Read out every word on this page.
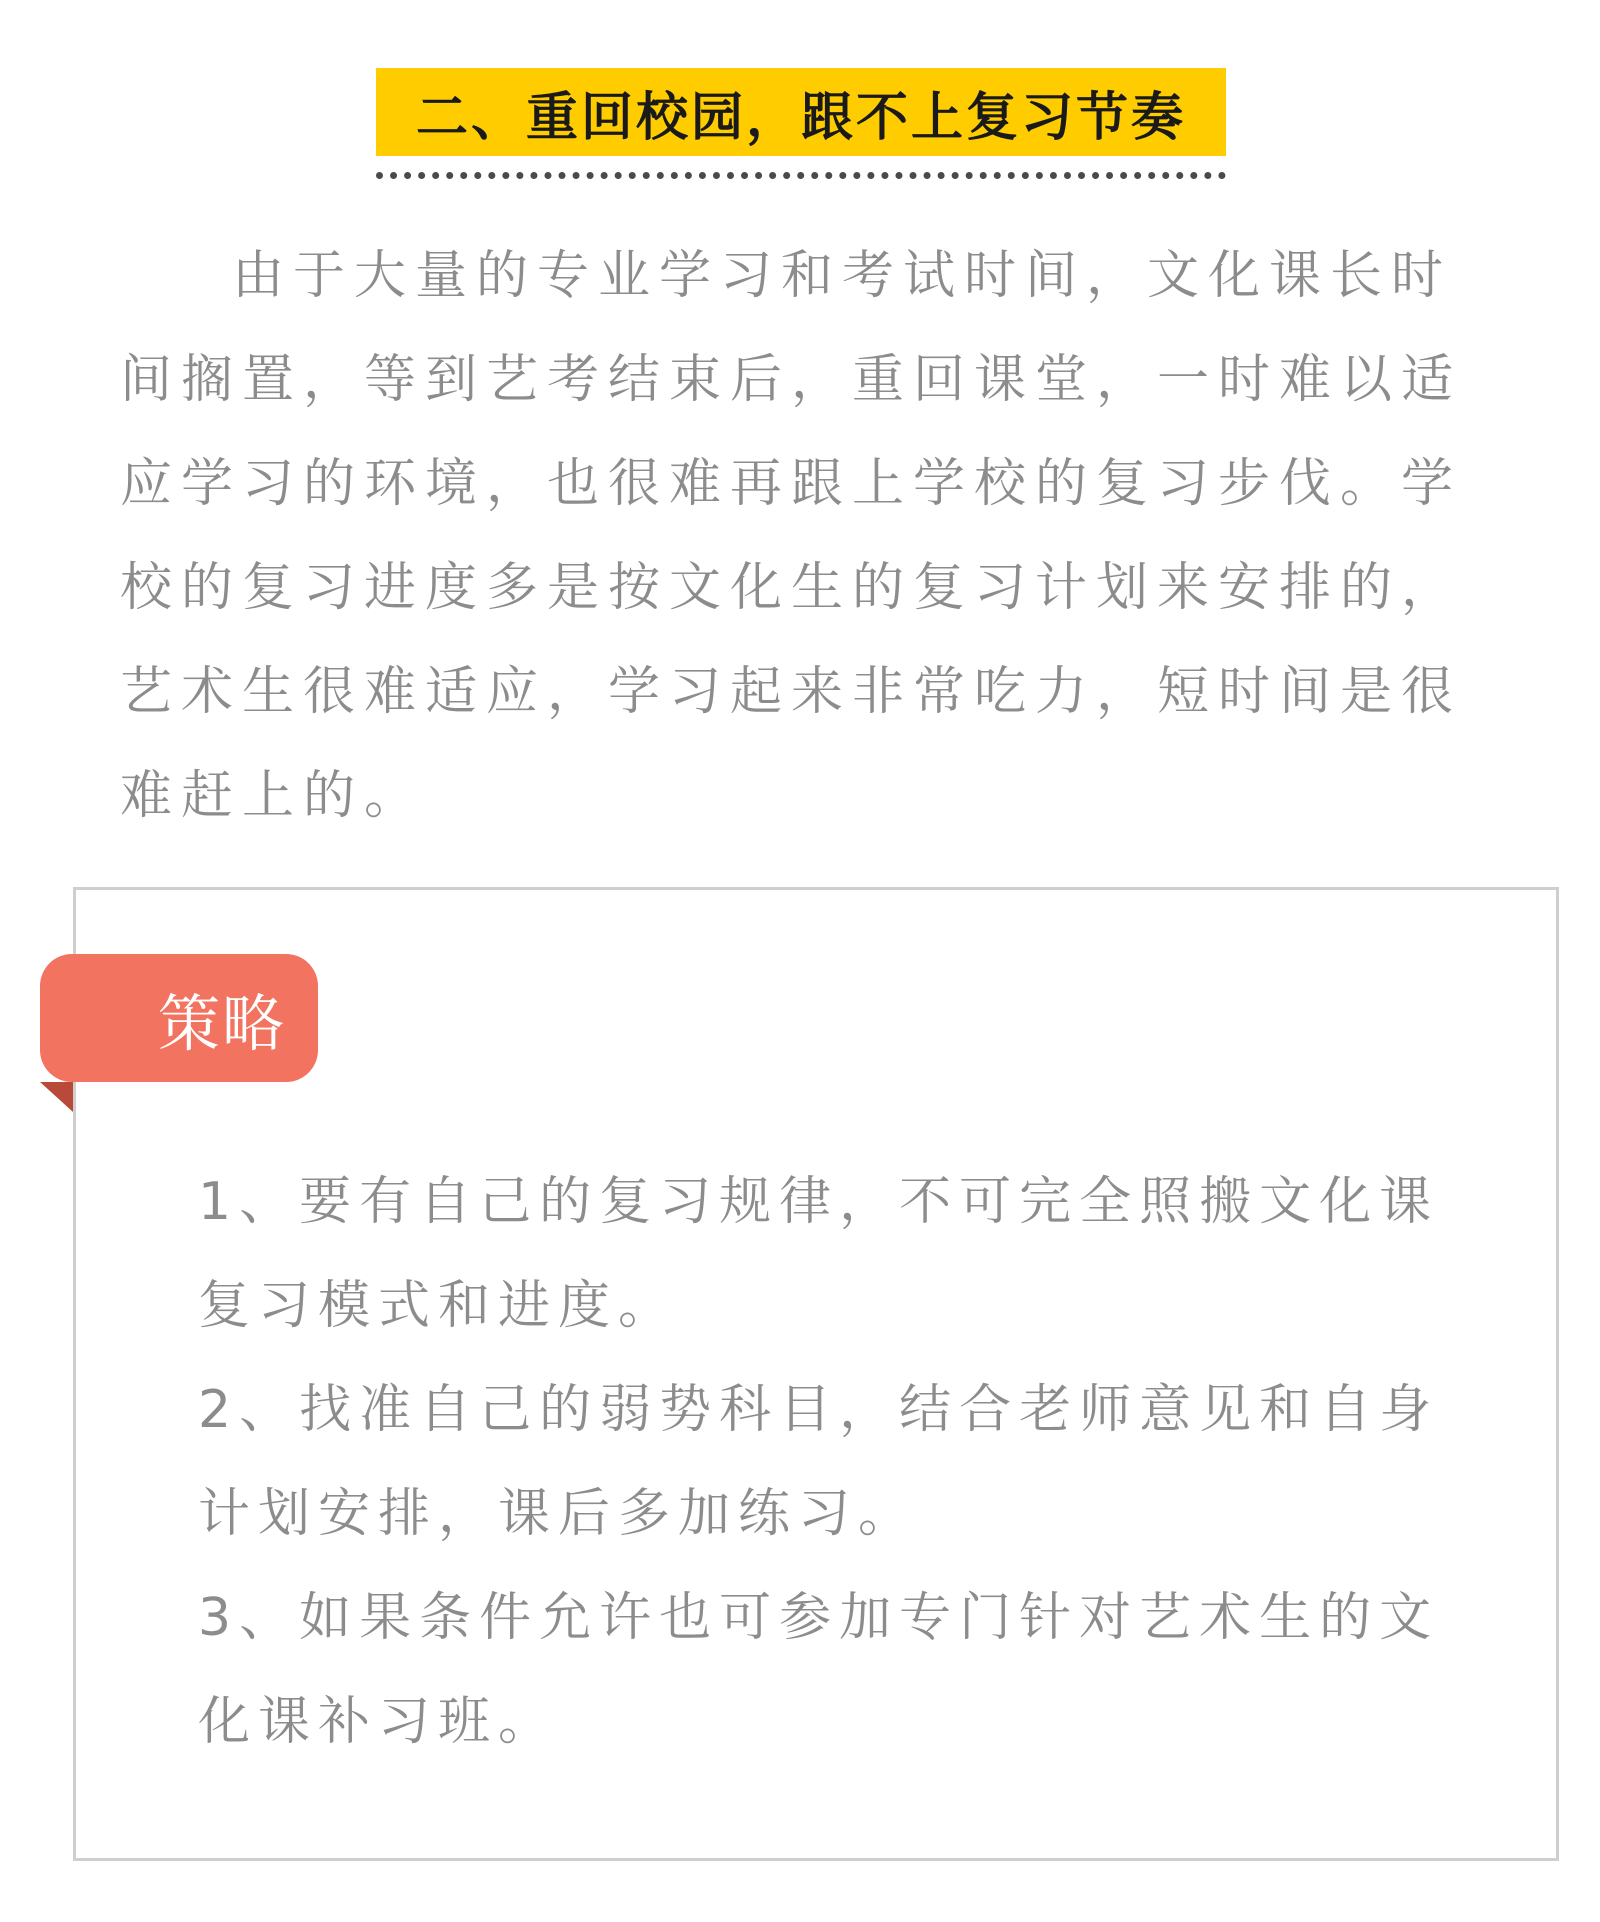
二、重回校园，跟不上复习节奏

由于大量的专业学习和考试时间，文化课长时间搁置，等到艺考结束后，重回课堂，一时难以适应学习的环境，也很难再跟上学校的复习步伐。学校的复习进度多是按文化生的复习计划来安排的，艺术生很难适应，学习起来非常吃力，短时间是很难赶上的。

策略
1、要有自己的复习规律，不可完全照搬文化课复习模式和进度。
2、找准自己的弱势科目，结合老师意见和自身计划安排，课后多加练习。
3、如果条件允许也可参加专门针对艺术生的文化课补习班。
